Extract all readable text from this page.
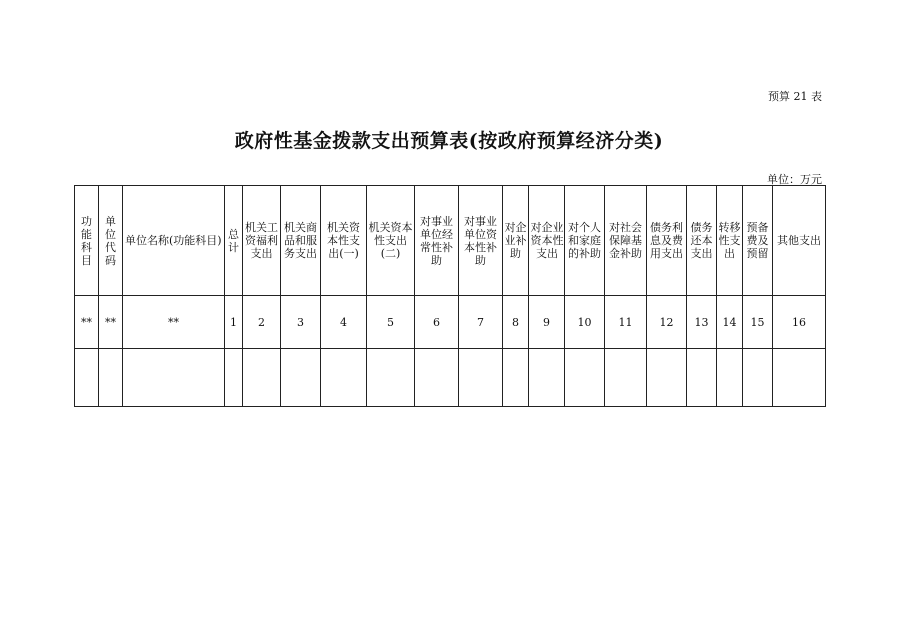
预算 21 表
政府性基金拨款支出预算表(按政府预算经济分类)
单位：万元
功能科目	单位代码	单位名称(功能科目)	总计	机关工资福利支出	机关商品和服务支出	机关资本性支出(一)	机关资本性支出(二)	对事业单位经常性补助	对事业单位资本性补助	对企业补助	对企业资本性支出	对个人和家庭的补助	对社会保障基金补助	债务利息及费用支出	债务还本支出	转移性支出	预备费及预留	其他支出
**	**	**	1	2	3	4	5	6	7	8	9	10	11	12	13	14	15	16
